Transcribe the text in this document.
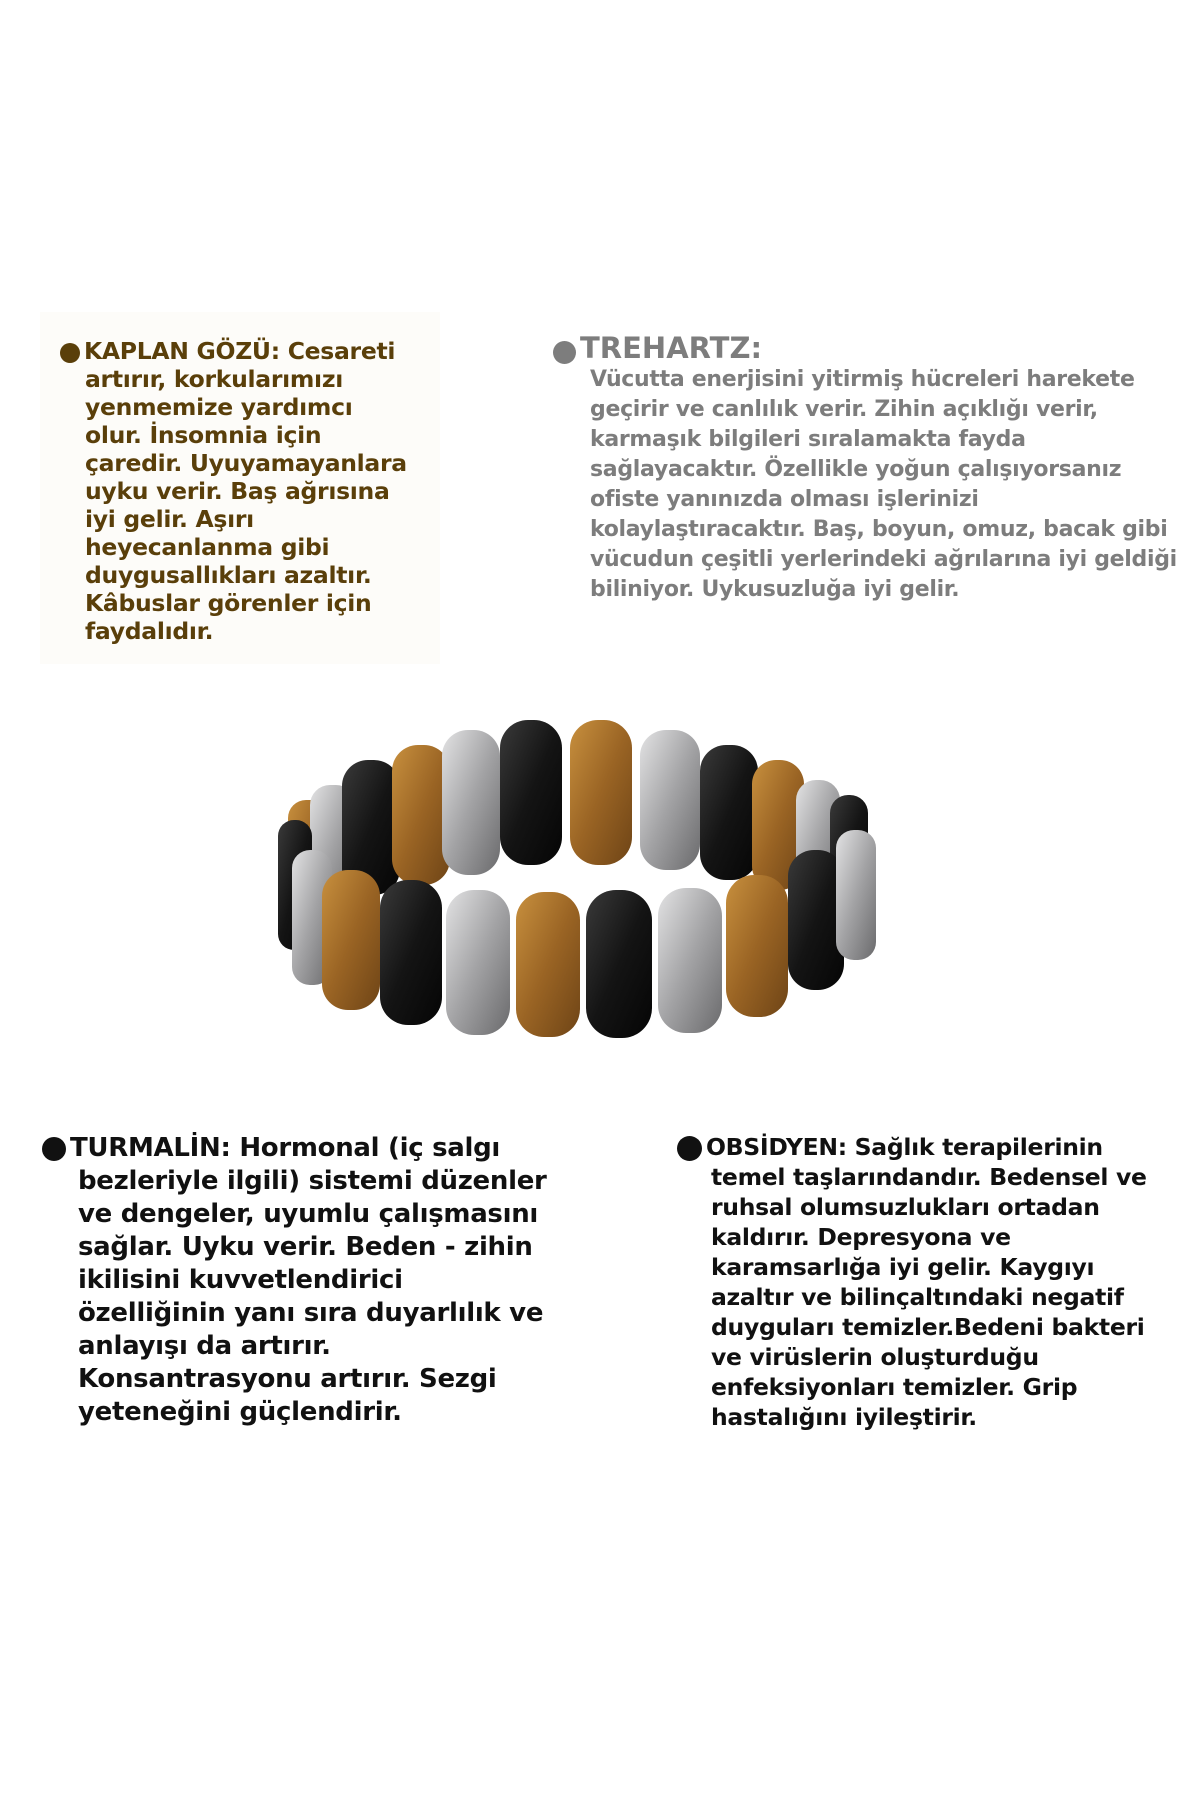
KAPLAN GÖZÜ: Cesareti
artırır, korkularımızı
yenmemize yardımcı
olur. İnsomnia için
çaredir. Uyuyamayanlara
uyku verir. Baş ağrısına
iyi gelir. Aşırı
heyecanlanma gibi
duygusallıkları azaltır.
Kâbuslar görenler için
faydalıdır.
TREHARTZ:
Vücutta enerjisini yitirmiş hücreleri harekete
geçirir ve canlılık verir. Zihin açıklığı verir,
karmaşık bilgileri sıralamakta fayda
sağlayacaktır. Özellikle yoğun çalışıyorsanız
ofiste yanınızda olması işlerinizi
kolaylaştıracaktır. Baş, boyun, omuz, bacak gibi
vücudun çeşitli yerlerindeki ağrılarına iyi geldiği
biliniyor. Uykusuzluğa iyi gelir.
TURMALİN: Hormonal (iç salgı
bezleriyle ilgili) sistemi düzenler
ve dengeler, uyumlu çalışmasını
sağlar. Uyku verir. Beden - zihin
ikilisini kuvvetlendirici
özelliğinin yanı sıra duyarlılık ve
anlayışı da artırır.
Konsantrasyonu artırır. Sezgi
yeteneğini güçlendirir.
OBSİDYEN: Sağlık terapilerinin
temel taşlarındandır. Bedensel ve
ruhsal olumsuzlukları ortadan
kaldırır. Depresyona ve
karamsarlığa iyi gelir. Kaygıyı
azaltır ve bilinçaltındaki negatif
duyguları temizler.Bedeni bakteri
ve virüslerin oluşturduğu
enfeksiyonları temizler. Grip
hastalığını iyileştirir.
